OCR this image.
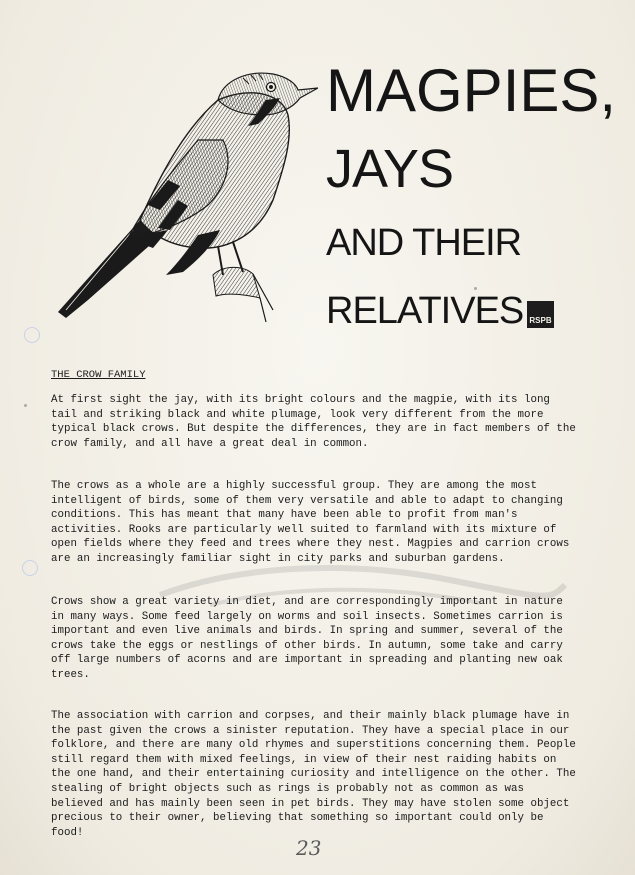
MAGPIES,
JAYS
AND THEIR
RELATIVES RSPB
THE CROW FAMILY

At first sight the jay, with its bright colours and the magpie, with its long tail and striking black and white plumage, look very different from the more typical black crows. But despite the differences, they are in fact members of the crow family, and all have a great deal in common.

The crows as a whole are a highly successful group. They are among the most intelligent of birds, some of them very versatile and able to adapt to changing conditions. This has meant that many have been able to profit from man's activities. Rooks are particularly well suited to farmland with its mixture of open fields where they feed and trees where they nest. Magpies and carrion crows are an increasingly familiar sight in city parks and suburban gardens.

Crows show a great variety in diet, and are correspondingly important in nature in many ways. Some feed largely on worms and soil insects. Sometimes carrion is important and even live animals and birds. In spring and summer, several of the crows take the eggs or nestlings of other birds. In autumn, some take and carry off large numbers of acorns and are important in spreading and planting new oak trees.

The association with carrion and corpses, and their mainly black plumage have in the past given the crows a sinister reputation. They have a special place in our folklore, and there are many old rhymes and superstitions concerning them. People still regard them with mixed feelings, in view of their nest raiding habits on the one hand, and their entertaining curiosity and intelligence on the other. The stealing of bright objects such as rings is probably not as common as was believed and has mainly been seen in pet birds. They may have stolen some object precious to their owner, believing that something so important could only be food!

23
